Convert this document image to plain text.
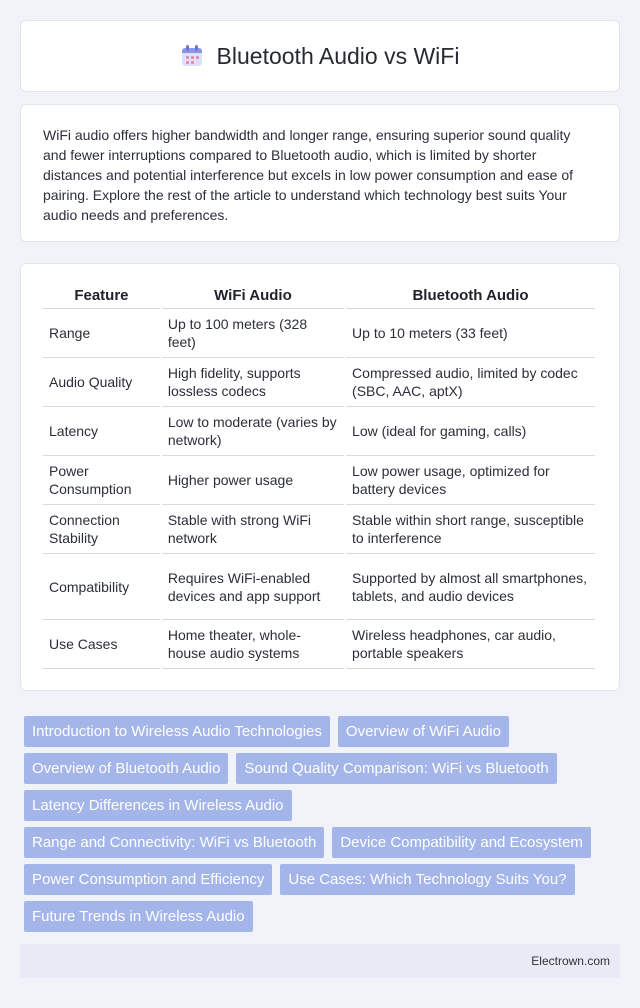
Bluetooth Audio vs WiFi

WiFi audio offers higher bandwidth and longer range, ensuring superior sound quality and fewer interruptions compared to Bluetooth audio, which is limited by shorter distances and potential interference but excels in low power consumption and ease of pairing. Explore the rest of the article to understand which technology best suits Your audio needs and preferences.

Feature	WiFi Audio	Bluetooth Audio
Range	Up to 100 meters (328 feet)	Up to 10 meters (33 feet)
Audio Quality	High fidelity, supports lossless codecs	Compressed audio, limited by codec (SBC, AAC, aptX)
Latency	Low to moderate (varies by network)	Low (ideal for gaming, calls)
Power Consumption	Higher power usage	Low power usage, optimized for battery devices
Connection Stability	Stable with strong WiFi network	Stable within short range, susceptible to interference
Compatibility	Requires WiFi-enabled devices and app support	Supported by almost all smartphones, tablets, and audio devices
Use Cases	Home theater, whole-house audio systems	Wireless headphones, car audio, portable speakers
Introduction to Wireless Audio Technologies	Overview of WiFi Audio
Overview of Bluetooth Audio	Sound Quality Comparison: WiFi vs Bluetooth
Latency Differences in Wireless Audio
Range and Connectivity: WiFi vs Bluetooth	Device Compatibility and Ecosystem
Power Consumption and Efficiency	Use Cases: Which Technology Suits You?
Future Trends in Wireless Audio
Electrown.com
